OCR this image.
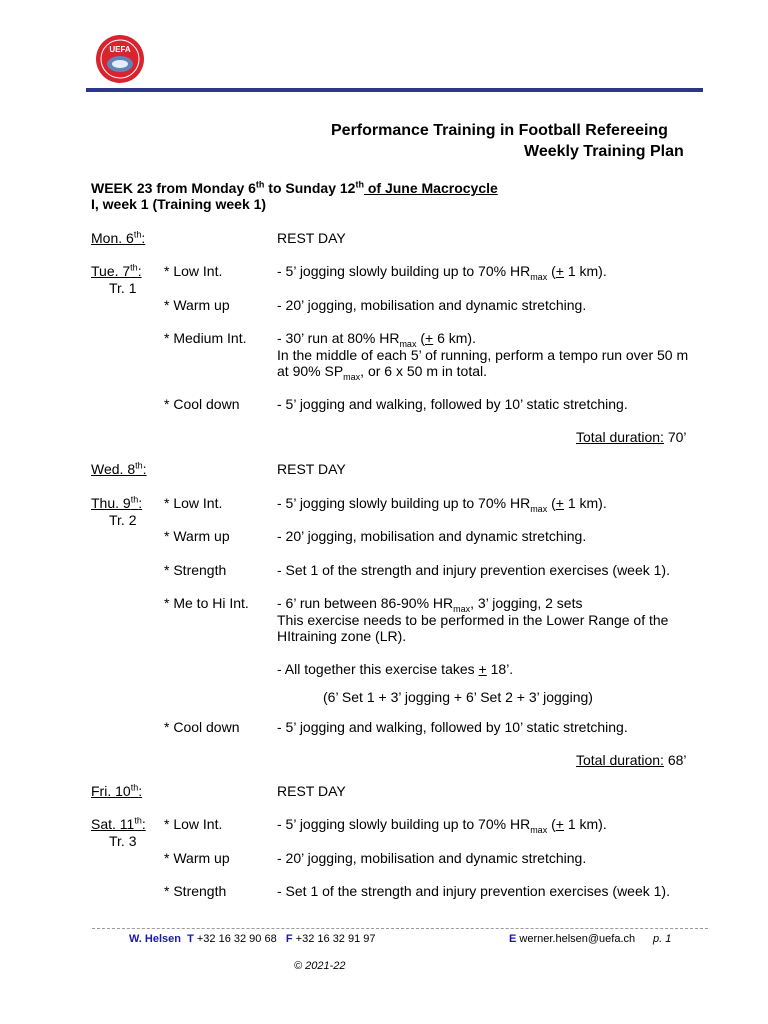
UEFA
Performance Training in Football Refereeing
Weekly Training Plan
WEEK 23 from Monday 6th to Sunday 12th of June Macrocycle
I, week 1 (Training week 1)
Mon. 6th:	REST DAY
Tue. 7th:
Tr. 1
* Low Int.	- 5’ jogging slowly building up to 70% $HR_{max}$ (+ 1 km).
* Warm up	- 20’ jogging, mobilisation and dynamic stretching.
* Medium Int. - 30’ run at 80% $HR_{max}$ (+ 6 km).
In the middle of each 5’ of running, perform a tempo run over 50 m
at 90% $SP_{max}$, or 6 x 50 m in total.
* Cool down	- 5’ jogging and walking, followed by 10’ static stretching.
Total duration: 70’
Wed. 8th:	REST DAY
Thu. 9th:
Tr. 2
* Low Int.	- 5’ jogging slowly building up to 70% $HR_{max}$ (+ 1 km).
* Warm up	- 20’ jogging, mobilisation and dynamic stretching.
* Strength	- Set 1 of the strength and injury prevention exercises (week 1).
* Me to Hi Int. - 6’ run between 86-90% $HR_{max}$, 3’ jogging, 2 sets
This exercise needs to be performed in the Lower Range of the
HItraining zone (LR).
- All together this exercise takes + 18’.
(6’ Set 1 + 3’ jogging + 6’ Set 2 + 3’ jogging)
* Cool down	- 5’ jogging and walking, followed by 10’ static stretching.
Total duration: 68’
Fri. 10th:	REST DAY
Sat. 11th:
Tr. 3
* Low Int.	- 5’ jogging slowly building up to 70% $HR_{max}$ (+ 1 km).
* Warm up	- 20’ jogging, mobilisation and dynamic stretching.
* Strength	- Set 1 of the strength and injury prevention exercises (week 1).
W. Helsen T +32 16 32 90 68 F +32 16 32 91 97	E werner.helsen@uefa.ch p. 1
© 2021-22
